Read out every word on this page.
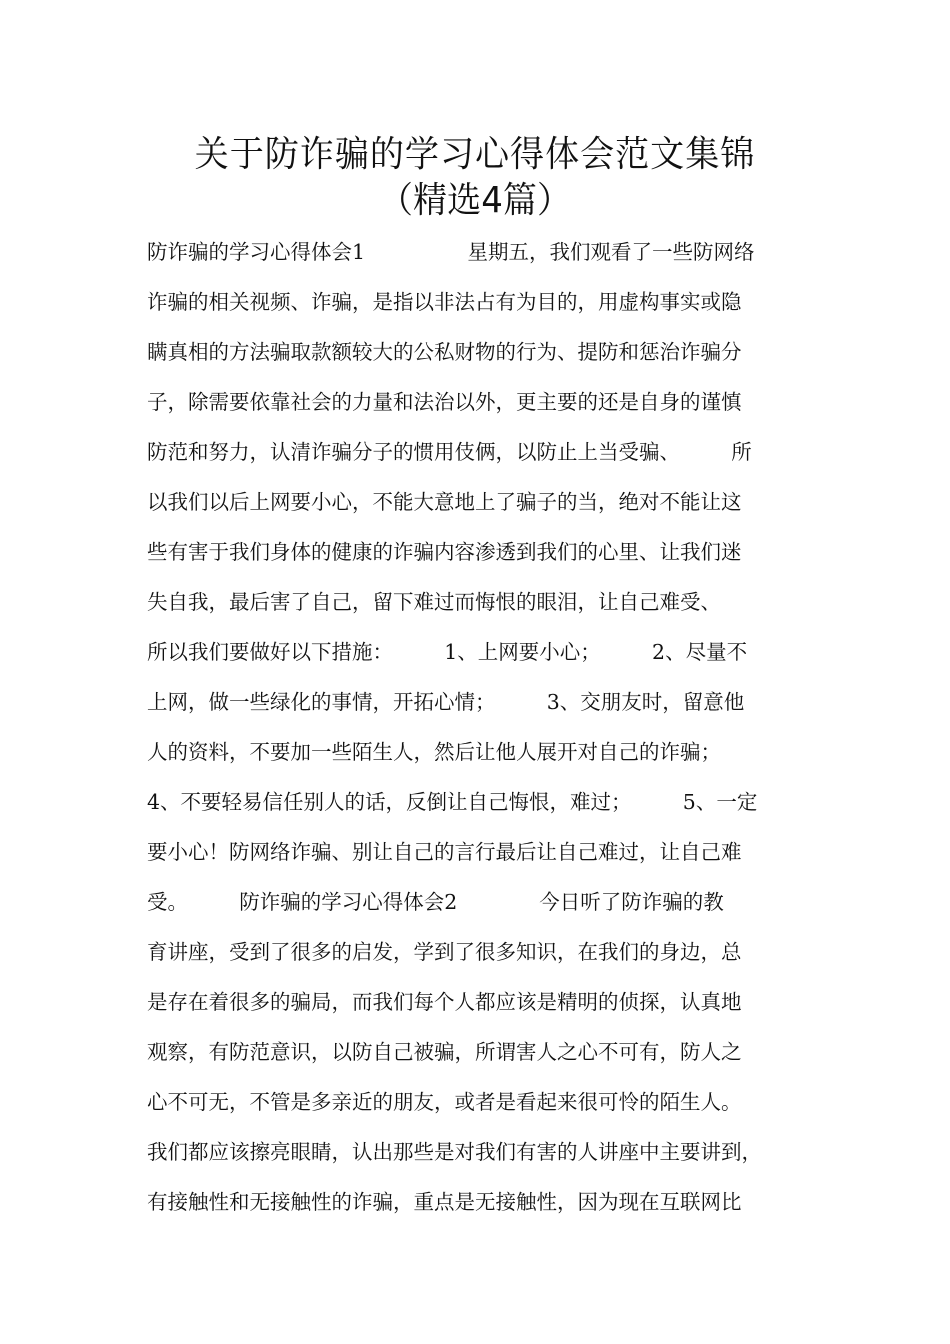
关于防诈骗的学习心得体会范文集锦
（精选4篇）
防诈骗的学习心得体会1　　　　　星期五，我们观看了一些防网络
诈骗的相关视频、诈骗，是指以非法占有为目的，用虚构事实或隐
瞒真相的方法骗取款额较大的公私财物的行为、提防和惩治诈骗分
子，除需要依靠社会的力量和法治以外，更主要的还是自身的谨慎
防范和努力，认清诈骗分子的惯用伎俩，以防止上当受骗、　　　所
以我们以后上网要小心，不能大意地上了骗子的当，绝对不能让这
些有害于我们身体的健康的诈骗内容渗透到我们的心里、让我们迷
失自我，最后害了自己，留下难过而悔恨的眼泪，让自己难受、
所以我们要做好以下措施：　　　1、上网要小心；　　　2、尽量不
上网，做一些绿化的事情，开拓心情；　　　3、交朋友时，留意他
人的资料，不要加一些陌生人，然后让他人展开对自己的诈骗；
4、不要轻易信任别人的话，反倒让自己悔恨，难过；　　　5、一定
要小心！防网络诈骗、别让自己的言行最后让自己难过，让自己难
受。　　　防诈骗的学习心得体会2　　　　今日听了防诈骗的教
育讲座，受到了很多的启发，学到了很多知识，在我们的身边，总
是存在着很多的骗局，而我们每个人都应该是精明的侦探，认真地
观察，有防范意识，以防自己被骗，所谓害人之心不可有，防人之
心不可无，不管是多亲近的朋友，或者是看起来很可怜的陌生人。
我们都应该擦亮眼睛，认出那些是对我们有害的人讲座中主要讲到，
有接触性和无接触性的诈骗，重点是无接触性，因为现在互联网比
